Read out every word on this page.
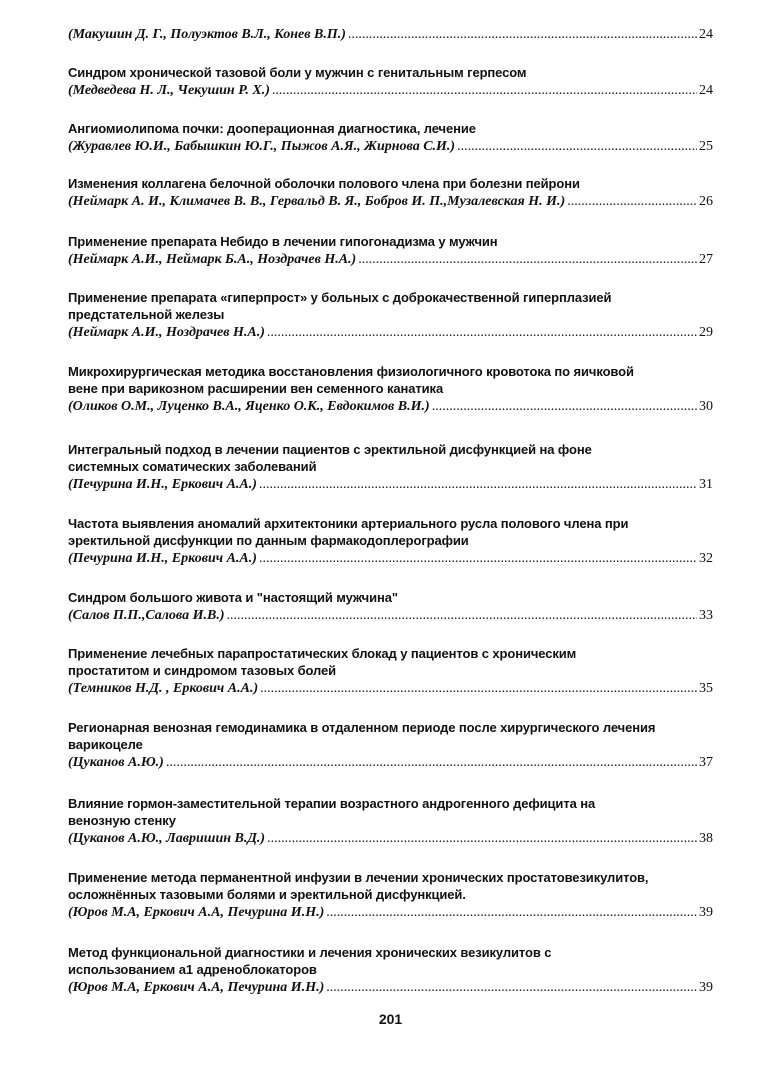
(Макушин Д. Г., Полуэктов В.Л., Конев В.П.) .....	24
Синдром хронической тазовой боли у мужчин с генитальным герпесом
(Медведева Н. Л., Чекушин Р. Х.) .....	24
Ангиомиолипома почки: дооперационная диагностика, лечение
(Журавлев Ю.И., Бабышкин Ю.Г., Пыжов А.Я., Жирнова С.И.) .....	25
Изменения коллагена белочной оболочки полового члена при болезни пейрони
(Неймарк А. И., Климачев В. В., Гервальд В. Я., Бобров И. П.,Музалевская Н. И.) .....	26
Применение препарата Небидо в лечении гипогонадизма у мужчин
(Неймарк А.И., Неймарк Б.А., Ноздрачев Н.А.) .....	27
Применение препарата «гиперпрост» у больных с доброкачественной гиперплазией
предстательной железы
(Неймарк А.И., Ноздрачев Н.А.) .....	29
Микрохирургическая методика восстановления физиологичного кровотока по яичковой
вене при варикозном расширении вен семенного канатика
(Оликов О.М., Луценко В.А., Яценко О.К., Евдокимов В.И.) .....	30
Интегральный подход в лечении пациентов с эректильной дисфункцией на фоне
системных соматических заболеваний
(Печурина И.Н., Еркович А.А.) .....	31
Частота выявления аномалий архитектоники артериального русла полового члена при
эректильной дисфункции по данным фармакодоплерографии
(Печурина И.Н., Еркович А.А.) .....	32
Синдром большого живота и "настоящий мужчина"
(Салов П.П.,Салова И.В.) .....	33
Применение лечебных парапростатических блокад у пациентов с хроническим
простатитом и синдромом тазовых болей
(Темников Н.Д. , Еркович А.А.) .....	35
Регионарная венозная гемодинамика в отдаленном периоде после хирургического лечения
варикоцеле
(Цуканов А.Ю.) .....	37
Влияние гормон-заместительной терапии возрастного андрогенного дефицита на
венозную стенку
(Цуканов А.Ю., Лавришин В.Д.) .....	38
Применение метода перманентной инфузии в лечении хронических простатовезикулитов,
осложнённых тазовыми болями и эректильной дисфункцией.
(Юров М.А, Еркович А.А, Печурина И.Н.) .....	39
Метод функциональной диагностики и лечения хронических везикулитов с
использованием a1 адреноблокаторов
(Юров М.А, Еркович А.А, Печурина И.Н.) .....	39
201
